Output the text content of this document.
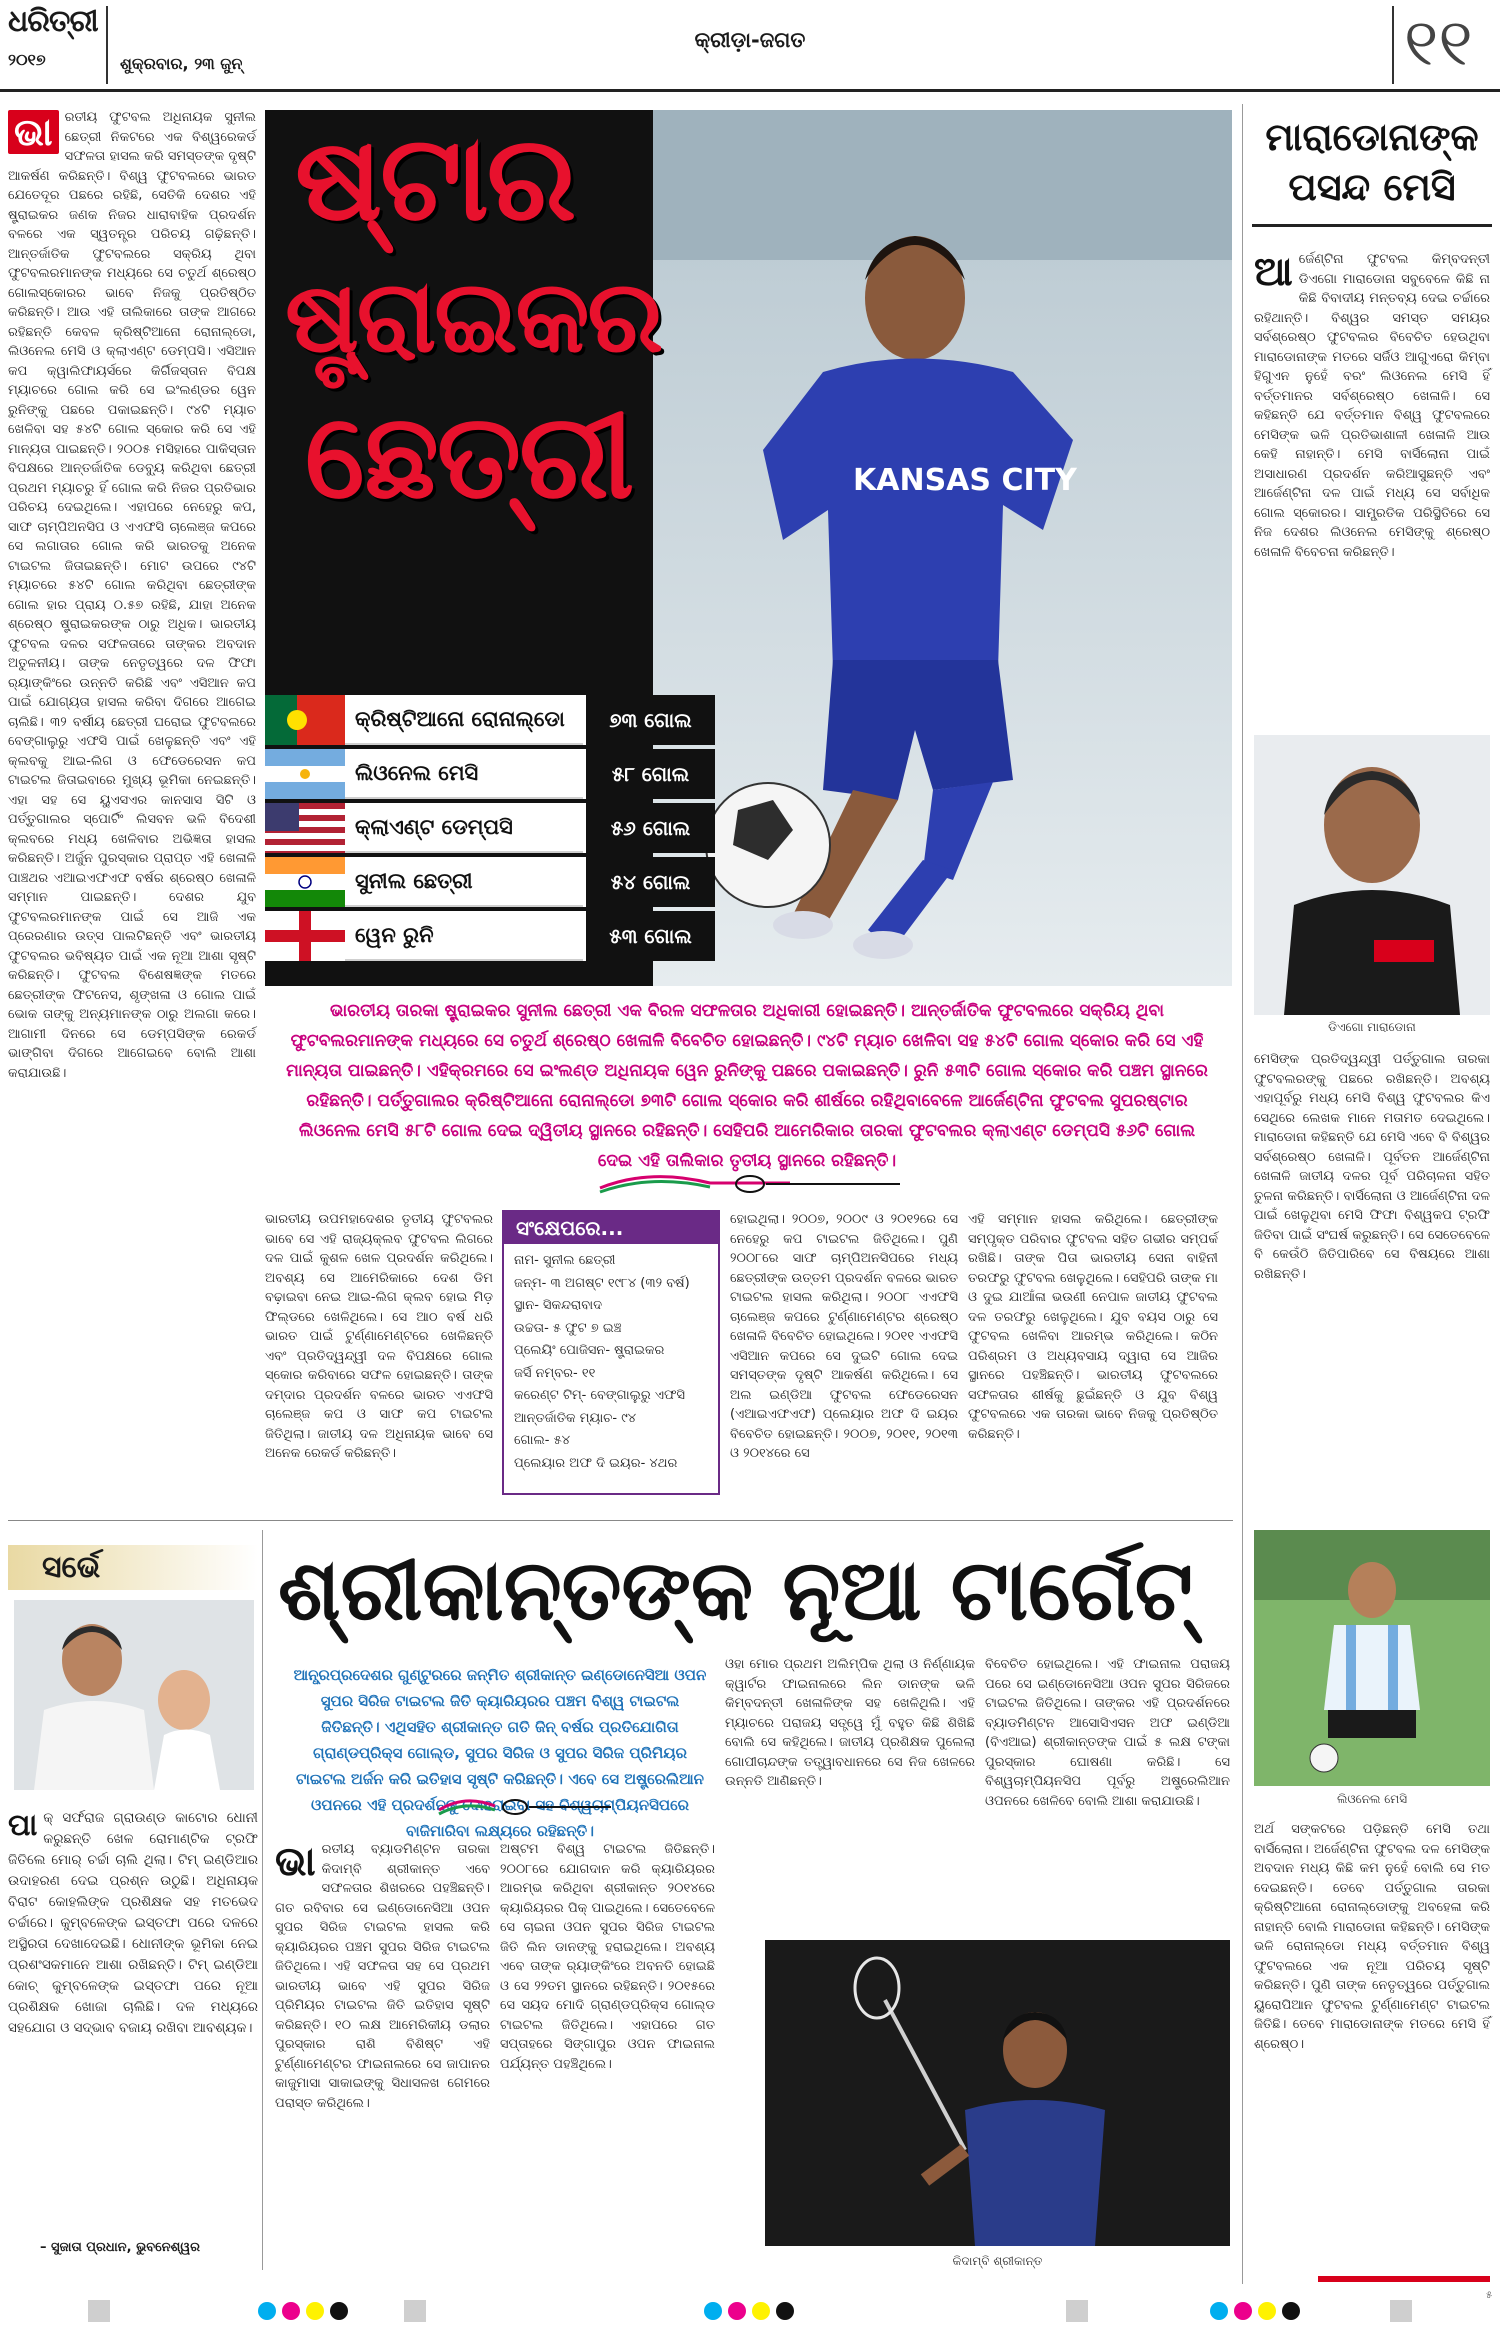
ଧରିତ୍ରୀ
୨୦୧୭	ଶୁକ୍ରବାର, ୨୩ ଜୁନ୍
କ୍ରୀଡ଼ା-ଜଗତ	୧୧
ଭା ରତୀୟ ଫୁଟବଲ ଅଧିନାୟକ ସୁନୀଲ ଛେତ୍ରୀ ନିକଟରେ ଏକ ବିଶ୍ୱରେକର୍ଡ ସଫଳତା ହାସଲ କରି ସମସ୍ତଙ୍କ ଦୃଷ୍ଟି ଆକର୍ଷଣ କରିଛନ୍ତି। ବିଶ୍ୱ ଫୁଟବଲରେ ଭାରତ ଯେତେଦୂର ପଛରେ ରହିଛି, ସେତିକି ଦେଶର ଏହି ଷ୍ଟ୍ରାଇକର ଜଣକ ନିଜର ଧାରାବାହିକ ପ୍ରଦର୍ଶନ ବଳରେ ଏକ ସ୍ୱତନ୍ତ୍ର ପରିଚୟ ଗଢ଼ିଛନ୍ତି। ଆନ୍ତର୍ଜାତିକ ଫୁଟବଲରେ ସକ୍ରିୟ ଥିବା ଫୁଟବଲରମାନଙ୍କ ମଧ୍ୟରେ ସେ ଚତୁର୍ଥ ଶ୍ରେଷ୍ଠ ଗୋଲସ୍କୋରର ଭାବେ ନିଜକୁ ପ୍ରତିଷ୍ଠିତ କରିଛନ୍ତି। ଆଉ ଏହି ତାଲିକାରେ ତାଙ୍କ ଆଗରେ ରହିଛନ୍ତି କେବଳ କ୍ରିଷ୍ଟିଆନୋ ରୋନାଲ୍ଡୋ, ଲିଓନେଲ ମେସି ଓ କ୍ଲାଏଣ୍ଟ ଡେମ୍ପସି। ଏସିଆନ କପ କ୍ୱାଲିଫାୟର୍ସରେ କିର୍ଗିଜସ୍ତାନ ବିପକ୍ଷ ମ୍ୟାଚରେ ଗୋଲ କରି ସେ ଇଂଲଣ୍ଡର ୱେନ ରୁନିଙ୍କୁ ପଛରେ ପକାଇଛନ୍ତି। ୯୪ଟି ମ୍ୟାଚ ଖେଳିବା ସହ ୫୪ଟି ଗୋଲ ସ୍କୋର କରି ସେ ଏହି ମାନ୍ୟତା ପାଇଛନ୍ତି। ୨୦୦୫ ମସିହାରେ ପାକିସ୍ତାନ ବିପକ୍ଷରେ ଆନ୍ତର୍ଜାତିକ ଡେବ୍ୟୁ କରିଥିବା ଛେତ୍ରୀ ପ୍ରଥମ ମ୍ୟାଚରୁ ହିଁ ଗୋଲ କରି ନିଜର ପ୍ରତିଭାର ପରିଚୟ ଦେଇଥିଲେ। ଏହାପରେ ନେହେରୁ କପ, ସାଫ ଚାମ୍ପିଅନସିପ ଓ ଏଏଫସି ଚାଲେଞ୍ଜ କପରେ ସେ ଲଗାତାର ଗୋଲ କରି ଭାରତକୁ ଅନେକ ଟାଇଟଲ ଜିତାଇଛନ୍ତି। ମୋଟ ଉପରେ ୯୪ଟି ମ୍ୟାଚରେ ୫୪ଟି ଗୋଲ କରିଥିବା ଛେତ୍ରୀଙ୍କ ଗୋଲ ହାର ପ୍ରାୟ ୦.୫୭ ରହିଛି, ଯାହା ଅନେକ ଶ୍ରେଷ୍ଠ ଷ୍ଟ୍ରାଇକରଙ୍କ ଠାରୁ ଅଧିକ। ଭାରତୀୟ ଫୁଟବଲ ଦଳର ସଫଳତାରେ ତାଙ୍କର ଅବଦାନ ଅତୁଳନୀୟ। ତାଙ୍କ ନେତୃତ୍ୱରେ ଦଳ ଫିଫା ର‌୍ୟାଙ୍କିଂରେ ଉନ୍ନତି କରିଛି ଏବଂ ଏସିଆନ କପ ପାଇଁ ଯୋଗ୍ୟତା ହାସଲ କରିବା ଦିଗରେ ଆଗେଇ ଚାଲିଛି। ୩୨ ବର୍ଷୀୟ ଛେତ୍ରୀ ଘରୋଇ ଫୁଟବଲରେ ବେଙ୍ଗାଲୁରୁ ଏଫସି ପାଇଁ ଖେଳୁଛନ୍ତି ଏବଂ ଏହି କ୍ଲବକୁ ଆଇ-ଲିଗ ଓ ଫେଡେରେସନ କପ ଟାଇଟଲ ଜିତାଇବାରେ ମୁଖ୍ୟ ଭୂମିକା ନେଇଛନ୍ତି। ଏହା ସହ ସେ ୟୁଏସଏର କାନସାସ ସିଟି ଓ ପର୍ତ୍ତୁଗାଲର ସ୍ପୋର୍ଟିଂ ଲିସବନ ଭଳି ବିଦେଶୀ କ୍ଲବରେ ମଧ୍ୟ ଖେଳିବାର ଅଭିଜ୍ଞତା ହାସଲ କରିଛନ୍ତି। ଅର୍ଜୁନ ପୁରସ୍କାର ପ୍ରାପ୍ତ ଏହି ଖେଳାଳି ପାଞ୍ଚଥର ଏଆଇଏଫଏଫ ବର୍ଷର ଶ୍ରେଷ୍ଠ ଖେଳାଳି ସମ୍ମାନ ପାଇଛନ୍ତି। ଦେଶର ଯୁବ ଫୁଟବଲରମାନଙ୍କ ପାଇଁ ସେ ଆଜି ଏକ ପ୍ରେରଣାର ଉତ୍ସ ପାଲଟିଛନ୍ତି ଏବଂ ଭାରତୀୟ ଫୁଟବଲର ଭବିଷ୍ୟତ ପାଇଁ ଏକ ନୂଆ ଆଶା ସୃଷ୍ଟି କରିଛନ୍ତି। ଫୁଟବଲ ବିଶେଷଜ୍ଞଙ୍କ ମତରେ ଛେତ୍ରୀଙ୍କ ଫିଟନେସ, ଶୃଙ୍ଖଳା ଓ ଗୋଲ ପାଇଁ ଭୋକ ତାଙ୍କୁ ଅନ୍ୟମାନଙ୍କ ଠାରୁ ଅଲଗା କରେ। ଆଗାମୀ ଦିନରେ ସେ ଡେମ୍ପସିଙ୍କ ରେକର୍ଡ ଭାଙ୍ଗିବା ଦିଗରେ ଆଗେଇବେ ବୋଲି ଆଶା କରାଯାଉଛି।
KANSAS CITY
ଷ୍ଟାର
ଷ୍ଟ୍ରାଇକର
ଛେତ୍ରୀ
କ୍ରିଷ୍ଟିଆନୋ ରୋନାଲ୍ଡୋ	୭୩ ଗୋଲ
ଲିଓନେଲ ମେସି	୫୮ ଗୋଲ
କ୍ଲାଏଣ୍ଟ ଡେମ୍ପସି	୫୬ ଗୋଲ
ସୁନୀଲ ଛେତ୍ରୀ	୫୪ ଗୋଲ
ୱେନ ରୁନି	୫୩ ଗୋଲ
ଭାରତୀୟ ତାରକା ଷ୍ଟ୍ରାଇକର ସୁନୀଲ ଛେତ୍ରୀ ଏକ ବିରଳ ସଫଳତାର ଅଧିକାରୀ ହୋଇଛନ୍ତି। ଆନ୍ତର୍ଜାତିକ ଫୁଟବଲରେ ସକ୍ରିୟ ଥିବା ଫୁଟବଲରମାନଙ୍କ ମଧ୍ୟରେ ସେ ଚତୁର୍ଥ ଶ୍ରେଷ୍ଠ ଖେଳାଳି ବିବେଚିତ ହୋଇଛନ୍ତି। ୯୪ଟି ମ୍ୟାଚ ଖେଳିବା ସହ ୫୪ଟି ଗୋଲ ସ୍କୋର କରି ସେ ଏହି ମାନ୍ୟତା ପାଇଛନ୍ତି। ଏହିକ୍ରମରେ ସେ ଇଂଲଣ୍ଡ ଅଧିନାୟକ ୱେନ ରୁନିଙ୍କୁ ପଛରେ ପକାଇଛନ୍ତି। ରୁନି ୫୩ଟି ଗୋଲ ସ୍କୋର କରି ପଞ୍ଚମ ସ୍ଥାନରେ ରହିଛନ୍ତି। ପର୍ତ୍ତୁଗାଲର କ୍ରିଷ୍ଟିଆନୋ ରୋନାଲ୍ଡୋ ୭୩ଟି ଗୋଲ ସ୍କୋର କରି ଶୀର୍ଷରେ ରହିଥିବାବେଳେ ଆର୍ଜେଣ୍ଟିନା ଫୁଟବଲ ସୁପରଷ୍ଟାର ଲିଓନେଲ ମେସି ୫୮ଟି ଗୋଲ ଦେଇ ଦ୍ୱିତୀୟ ସ୍ଥାନରେ ରହିଛନ୍ତି। ସେହିପରି ଆମେରିକାର ତାରକା ଫୁଟବଲର କ୍ଲାଏଣ୍ଟ ଡେମ୍ପସି ୫୬ଟି ଗୋଲ ଦେଇ ଏହି ତାଲିକାର ତୃତୀୟ ସ୍ଥାନରେ ରହିଛନ୍ତି।
ଭାରତୀୟ ଉପମହାଦେଶର ତୃତୀୟ ଫୁଟବଲର ଭାବେ ସେ ଏହି ରାଜ୍ୟକ୍ଲବ ଫୁଟବଲ ଲିଗରେ ଦଳ ପାଇଁ କୁଶଳ ଖେଳ ପ୍ରଦର୍ଶନ କରିଥିଲେ। ଅବଶ୍ୟ ସେ ଆମେରିକାରେ ଦେଶ ଡିମ ବଢ଼ାଇବା ନେଇ ଆଇ-ଲିଗ କ୍ଲବ ହୋଇ ମିଡ଼ ଫିଲ୍ଡରେ ଖେଳିଥିଲେ। ସେ ଆଠ ବର୍ଷ ଧରି ଭାରତ ପାଇଁ ଟୁର୍ଣ୍ଣାମେଣ୍ଟରେ ଖେଳିଛନ୍ତି ଏବଂ ପ୍ରତିଦ୍ୱନ୍ଦ୍ୱୀ ଦଳ ବିପକ୍ଷରେ ଗୋଲ ସ୍କୋର କରିବାରେ ସଫଳ ହୋଇଛନ୍ତି। ତାଙ୍କ ଦମ୍ଦାର ପ୍ରଦର୍ଶନ ବଳରେ ଭାରତ ଏଏଫସି ଚାଲେଞ୍ଜ କପ ଓ ସାଫ କପ ଟାଇଟଲ ଜିତିଥିଲା। ଜାତୀୟ ଦଳ ଅଧିନାୟକ ଭାବେ ସେ ଅନେକ ରେକର୍ଡ କରିଛନ୍ତି।
ସଂକ୍ଷେପରେ...
ନାମ- ସୁନୀଲ ଛେତ୍ରୀ
ଜନ୍ମ- ୩ ଅଗଷ୍ଟ ୧୯୮୪ (୩୨ ବର୍ଷ)
ସ୍ଥାନ- ସିକନ୍ଦରାବାଦ
ଉଚ୍ଚତା- ୫ ଫୁଟ ୭ ଇଞ୍ଚ
ପ୍ଲେୟିଂ ପୋଜିସନ- ଷ୍ଟ୍ରାଇକର
ଜର୍ସି ନମ୍ବର- ୧୧
କରେଣ୍ଟ ଟିମ୍- ବେଙ୍ଗାଲୁରୁ ଏଫସି
ଆନ୍ତର୍ଜାତିକ ମ୍ୟାଚ- ୯୪
ଗୋଲ- ୫୪
ପ୍ଲେୟାର ଅଫ ଦି ଇୟର- ୪ଥର
ହୋଇଥିଲା। ୨୦୦୭, ୨୦୦୯ ଓ ୨୦୧୨ରେ ସେ ନେହେରୁ କପ ଟାଇଟଲ ଜିତିଥିଲେ। ପୁଣି ୨୦୦୮ରେ ସାଫ ଚାମ୍ପିଅନସିପରେ ମଧ୍ୟ ଛେତ୍ରୀଙ୍କ ଉତ୍ତମ ପ୍ରଦର୍ଶନ ବଳରେ ଭାରତ ଟାଇଟଲ ହାସଲ କରିଥିଲା। ୨୦୦୮ ଏଏଫସି ଚାଲେଞ୍ଜ କପରେ ଟୁର୍ଣ୍ଣାମେଣ୍ଟର ଶ୍ରେଷ୍ଠ ଖେଳାଳି ବିବେଚିତ ହୋଇଥିଲେ। ୨୦୧୧ ଏଏଫସି ଏସିଆନ କପରେ ସେ ଦୁଇଟି ଗୋଲ ଦେଇ ସମସ୍ତଙ୍କ ଦୃଷ୍ଟି ଆକର୍ଷଣ କରିଥିଲେ। ସେ ଅଲ ଇଣ୍ଡିଆ ଫୁଟବଲ ଫେଡେରେସନ (ଏଆଇଏଫଏଫ) ପ୍ଲେୟାର ଅଫ ଦି ଇୟର ବିବେଚିତ ହୋଇଛନ୍ତି। ୨୦୦୭, ୨୦୧୧, ୨୦୧୩ ଓ ୨୦୧୪ରେ ସେ
ଏହି ସମ୍ମାନ ହାସଲ କରିଥିଲେ। ଛେତ୍ରୀଙ୍କ ସମ୍ପୃକ୍ତ ପରିବାର ଫୁଟବଲ ସହିତ ଗଭୀର ସମ୍ପର୍କ ରଖିଛି। ତାଙ୍କ ପିତା ଭାରତୀୟ ସେନା ବାହିନୀ ତରଫରୁ ଫୁଟବଲ ଖେଳୁଥିଲେ। ସେହିପରି ତାଙ୍କ ମା ଓ ଦୁଇ ଯାଆଁଳା ଭଉଣୀ ନେପାଳ ଜାତୀୟ ଫୁଟବଲ ଦଳ ତରଫରୁ ଖେଳୁଥିଲେ। ଯୁବ ବୟସ ଠାରୁ ସେ ଫୁଟବଲ ଖେଳିବା ଆରମ୍ଭ କରିଥିଲେ। କଠିନ ପରିଶ୍ରମ ଓ ଅଧ୍ୟବସାୟ ଦ୍ୱାରା ସେ ଆଜିର ସ୍ଥାନରେ ପହଞ୍ଚିଛନ୍ତି। ଭାରତୀୟ ଫୁଟବଲରେ ସଫଳତାର ଶୀର୍ଷକୁ ଛୁଇଁଛନ୍ତି ଓ ଯୁବ ବିଶ୍ୱ ଫୁଟବଲରେ ଏକ ତାରକା ଭାବେ ନିଜକୁ ପ୍ରତିଷ୍ଠିତ କରିଛନ୍ତି।
ମାରାଡୋନାଙ୍କ
ପସନ୍ଦ ମେସି
ଆ ର୍ଜେଣ୍ଟିନା ଫୁଟବଲ କିମ୍ବଦନ୍ତୀ ଡିଏଗୋ ମାରାଡୋନା ସବୁବେଳେ କିଛି ନା କିଛି ବିବାଦୀୟ ମନ୍ତବ୍ୟ ଦେଇ ଚର୍ଚ୍ଚାରେ ରହିଥାନ୍ତି। ବିଶ୍ୱର ସମସ୍ତ ସମୟର ସର୍ବଶ୍ରେଷ୍ଠ ଫୁଟବଲର ବିବେଚିତ ହେଉଥିବା ମାରାଡୋନାଙ୍କ ମତରେ ସର୍ଜିଓ ଆଗୁଏରୋ କିମ୍ବା ହିଗୁଏନ ନୁହେଁ ବରଂ ଲିଓନେଲ ମେସି ହିଁ ବର୍ତ୍ତମାନର ସର୍ବଶ୍ରେଷ୍ଠ ଖେଳାଳି। ସେ କହିଛନ୍ତି ଯେ ବର୍ତ୍ତମାନ ବିଶ୍ୱ ଫୁଟବଲରେ ମେସିଙ୍କ ଭଳି ପ୍ରତିଭାଶାଳୀ ଖେଳାଳି ଆଉ କେହି ନାହାନ୍ତି। ମେସି ବାର୍ସିଲୋନା ପାଇଁ ଅସାଧାରଣ ପ୍ରଦର୍ଶନ କରିଆସୁଛନ୍ତି ଏବଂ ଆର୍ଜେଣ୍ଟିନା ଦଳ ପାଇଁ ମଧ୍ୟ ସେ ସର୍ବାଧିକ ଗୋଲ ସ୍କୋରର। ସାମ୍ପ୍ରତିକ ପରିସ୍ଥିତିରେ ସେ ନିଜ ଦେଶର ଲିଓନେଲ ମେସିଙ୍କୁ ଶ୍ରେଷ୍ଠ ଖେଳାଳି ବିବେଚନା କରିଛନ୍ତି।
ଡିଏଗୋ ମାରାଡୋନା
ମେସିଙ୍କ ପ୍ରତିଦ୍ୱନ୍ଦ୍ୱୀ ପର୍ତ୍ତୁଗାଲ ତାରକା ଫୁଟବଲରଙ୍କୁ ପଛରେ ରଖିଛନ୍ତି। ଅବଶ୍ୟ ଏହାପୂର୍ବରୁ ମଧ୍ୟ ମେସି ବିଶ୍ୱ ଫୁଟବଲର କିଏ ସେଥିରେ ଲେଖକ ମାନେ ମତାମତ ଦେଇଥିଲେ। ମାରାଡୋନା କହିଛନ୍ତି ଯେ ମେସି ଏବେ ବି ବିଶ୍ୱର ସର୍ବଶ୍ରେଷ୍ଠ ଖେଳାଳି। ପୂର୍ବତନ ଆର୍ଜେଣ୍ଟିନା ଖେଳାଳି ଜାତୀୟ ଦଳର ପୂର୍ବ ପରିଚାଳନା ସହିତ ତୁଳନା କରିଛନ୍ତି। ବାର୍ସିଲୋନା ଓ ଆର୍ଜେଣ୍ଟିନା ଦଳ ପାଇଁ ଖେଳୁଥିବା ମେସି ଫିଫା ବିଶ୍ୱକପ ଟ୍ରଫି ଜିତିବା ପାଇଁ ସଂଘର୍ଷ କରୁଛନ୍ତି। ସେ ସେତେବେଳେ ବି କେଉଁଠି ଜିତିପାରିବେ ସେ ବିଷୟରେ ଆଶା ରଖିଛନ୍ତି।
ଲିଓନେଲ ମେସି
ଅର୍ଥ ସଙ୍କଟରେ ପଡ଼ିଛନ୍ତି ମେସି ତଥା ବାର୍ସିଲୋନା। ଅର୍ଜେଣ୍ଟିନା ଫୁଟବଲ ଦଳ ମେସିଙ୍କ ଅବଦାନ ମଧ୍ୟ କିଛି କମ ନୁହେଁ ବୋଲି ସେ ମତ ଦେଇଛନ୍ତି। ତେବେ ପର୍ତ୍ତୁଗାଲ ତାରକା କ୍ରିଷ୍ଟିଆନୋ ରୋନାଲ୍ଡୋଙ୍କୁ ଅବହେଳା କରି ନାହାନ୍ତି ବୋଲି ମାରାଡୋନା କହିଛନ୍ତି। ମେସିଙ୍କ ଭଳି ରୋନାଲ୍ଡୋ ମଧ୍ୟ ବର୍ତ୍ତମାନ ବିଶ୍ୱ ଫୁଟବଲରେ ଏକ ନୂଆ ପରିଚୟ ସୃଷ୍ଟି କରିଛନ୍ତି। ପୁଣି ତାଙ୍କ ନେତୃତ୍ୱରେ ପର୍ତ୍ତୁଗାଲ ୟୁରୋପିଆନ ଫୁଟବଲ ଟୁର୍ଣ୍ଣାମେଣ୍ଟ ଟାଇଟଲ ଜିତିଛି। ତେବେ ମାରାଡୋନାଙ୍କ ମତରେ ମେସି ହିଁ ଶ୍ରେଷ୍ଠ।
ସର୍ଭେ
ପା କ୍ ସର୍ଫରାଜ ଗ୍ରାଉଣ୍ଡ କାଟୋର ଧୋନୀ କରୁଛନ୍ତି ଖେଳ ରୋମାଣ୍ଟିକ ଟ୍ରଫି ଜିତିଲେ ମୋର୍ ଚର୍ଚ୍ଚା ଚାଲି ଥିଲା। ଟିମ୍ ଇଣ୍ଡିଆର ଉଦାହରଣ ଦେଇ ପ୍ରଶ୍ନ ଉଠୁଛି। ଅଧିନାୟକ ବିରାଟ କୋହଲିଙ୍କ ପ୍ରଶିକ୍ଷକ ସହ ମତଭେଦ ଚର୍ଚ୍ଚାରେ। କୁମ୍ବଳେଙ୍କ ଇସ୍ତଫା ପରେ ଦଳରେ ଅସ୍ଥିରତା ଦେଖାଦେଇଛି। ଧୋନୀଙ୍କ ଭୂମିକା ନେଇ ପ୍ରଶଂସକମାନେ ଆଶା ରଖିଛନ୍ତି। ଟିମ୍ ଇଣ୍ଡିଆ କୋଚ୍ କୁମ୍ବଳେଙ୍କ ଇସ୍ତଫା ପରେ ନୂଆ ପ୍ରଶିକ୍ଷକ ଖୋଜା ଚାଲିଛି। ଦଳ ମଧ୍ୟରେ ସହଯୋଗ ଓ ସଦ୍ଭାବ ବଜାୟ ରଖିବା ଆବଶ୍ୟକ।
– ସୁଜାତା ପ୍ରଧାନ, ଭୁବନେଶ୍ୱର
ଶ୍ରୀକାନ୍ତଙ୍କ ନୂଆ ଟାର୍ଗେଟ୍
ଆନ୍ଧ୍ରପ୍ରଦେଶର ଗୁଣ୍ଟୁରରେ ଜନ୍ମିତ ଶ୍ରୀକାନ୍ତ ଇଣ୍ଡୋନେସିଆ ଓପନ ସୁପର ସିରିଜ ଟାଇଟଲ ଜିତି କ୍ୟାରିୟରର ପଞ୍ଚମ ବିଶ୍ୱ ଟାଇଟଲ ଜିତିଛନ୍ତି। ଏଥିସହିତ ଶ୍ରୀକାନ୍ତ ଗତି ଜିନ୍ ବର୍ଷର ପ୍ରତିଯୋଗିତା ଗ୍ରାଣ୍ଡପ୍ରିକ୍ସ ଗୋଲ୍ଡ, ସୁପର ସିରିଜ ଓ ସୁପର ସିରିଜ ପ୍ରିମିୟର ଟାଇଟଲ ଅର୍ଜନ କରି ଇତିହାସ ସୃଷ୍ଟି କରିଛନ୍ତି। ଏବେ ସେ ଅଷ୍ଟ୍ରେଲିଆନ ଓପନରେ ଏହି ପ୍ରଦର୍ଶନକୁ ଦୋହରାଇବା ସହ ବିଶ୍ୱଚାମ୍ପିୟନସିପରେ ବାଜିମାରିବା ଲକ୍ଷ୍ୟରେ ରହିଛନ୍ତି।
ଭା ରତୀୟ ବ୍ୟାଡମିଣ୍ଟନ ତାରକା କିଦାମ୍ବି ଶ୍ରୀକାନ୍ତ ଏବେ ସଫଳତାର ଶିଖରରେ ପହଞ୍ଚିଛନ୍ତି। ଗତ ରବିବାର ସେ ଇଣ୍ଡୋନେସିଆ ଓପନ ସୁପର ସିରିଜ ଟାଇଟଲ ହାସଲ କରି କ୍ୟାରିୟରର ପଞ୍ଚମ ସୁପର ସିରିଜ ଟାଇଟଲ ଜିତିଥିଲେ। ଏହି ସଫଳତା ସହ ସେ ପ୍ରଥମ ଭାରତୀୟ ଭାବେ ଏହି ସୁପର ସିରିଜ ପ୍ରିମିୟର ଟାଇଟଲ ଜିତି ଇତିହାସ ସୃଷ୍ଟି କରିଛନ୍ତି। ୧୦ ଲକ୍ଷ ଆମେରିକୀୟ ଡଲାର ପୁରସ୍କାର ରାଶି ବିଶିଷ୍ଟ ଏହି ଟୁର୍ଣ୍ଣାମେଣ୍ଟର ଫାଇନାଲରେ ସେ ଜାପାନର କାଜୁମାସା ସାକାଇଙ୍କୁ ସିଧାସଳଖ ଗେମରେ ପରାସ୍ତ କରିଥିଲେ।
ଅଷ୍ଟମ ବିଶ୍ୱ ଟାଇଟଲ ଜିତିଛନ୍ତି। ୨୦୦୮ରେ ଯୋଗଦାନ କରି କ୍ୟାରିୟରର ଆରମ୍ଭ କରିଥିବା ଶ୍ରୀକାନ୍ତ ୨୦୧୪ରେ କ୍ୟାରିୟରର ପିକ୍ ପାଇଥିଲେ। ସେତେବେଳେ ସେ ଚାଇନା ଓପନ ସୁପର ସିରିଜ ଟାଇଟଲ ଜିତି ଲିନ ଡାନଙ୍କୁ ହରାଇଥିଲେ। ଅବଶ୍ୟ ଏବେ ତାଙ୍କ ର‌୍ୟାଙ୍କିଂରେ ଅବନତି ହୋଇଛି ଓ ସେ ୨୨ତମ ସ୍ଥାନରେ ରହିଛନ୍ତି। ୨୦୧୫ରେ ସେ ସୟଦ ମୋଦି ଗ୍ରାଣ୍ଡପ୍ରିକ୍ସ ଗୋଲ୍ଡ ଟାଇଟଲ ଜିତିଥିଲେ। ଏହାପରେ ଗତ ସପ୍ତାହରେ ସିଙ୍ଗାପୁର ଓପନ ଫାଇନାଲ ପର୍ଯ୍ୟନ୍ତ ପହଞ୍ଚିଥିଲେ।
ଓହା ମୋର ପ୍ରଥମ ଅଲିମ୍ପିକ ଥିଲା ଓ ନିର୍ଣ୍ଣାୟକ କ୍ୱାର୍ଟର ଫାଇନାଲରେ ଲିନ ଡାନଙ୍କ ଭଳି କିମ୍ବଦନ୍ତୀ ଖେଳାଳିଙ୍କ ସହ ଖେଳିଥିଲି। ଏହି ମ୍ୟାଚରେ ପରାଜୟ ସତ୍ତ୍ୱେ ମୁଁ ବହୁତ କିଛି ଶିଖିଛି ବୋଲି ସେ କହିଥିଲେ। ଜାତୀୟ ପ୍ରଶିକ୍ଷକ ପୁଲେଲା ଗୋପୀଚାନ୍ଦଙ୍କ ତତ୍ତ୍ୱାବଧାନରେ ସେ ନିଜ ଖେଳରେ ଉନ୍ନତି ଆଣିଛନ୍ତି।
ବିବେଚିତ ହୋଇଥିଲେ। ଏହି ଫାଇନାଲ ପରାଜୟ ପରେ ସେ ଇଣ୍ଡୋନେସିଆ ଓପନ ସୁପର ସିରିଜରେ ଟାଇଟଲ ଜିତିଥିଲେ। ତାଙ୍କର ଏହି ପ୍ରଦର୍ଶନରେ ବ୍ୟାଡମିଣ୍ଟନ ଆସୋସିଏସନ ଅଫ ଇଣ୍ଡିଆ (ବିଏଆଇ) ଶ୍ରୀକାନ୍ତଙ୍କ ପାଇଁ ୫ ଲକ୍ଷ ଟଙ୍କା ପୁରସ୍କାର ଘୋଷଣା କରିଛି। ସେ ବିଶ୍ୱଚାମ୍ପିୟନସିପ ପୂର୍ବରୁ ଅଷ୍ଟ୍ରେଲିଆନ ଓପନରେ ଖେଳିବେ ବୋଲି ଆଶା କରାଯାଉଛି।
କିଦାମ୍ବି ଶ୍ରୀକାନ୍ତ
୫
